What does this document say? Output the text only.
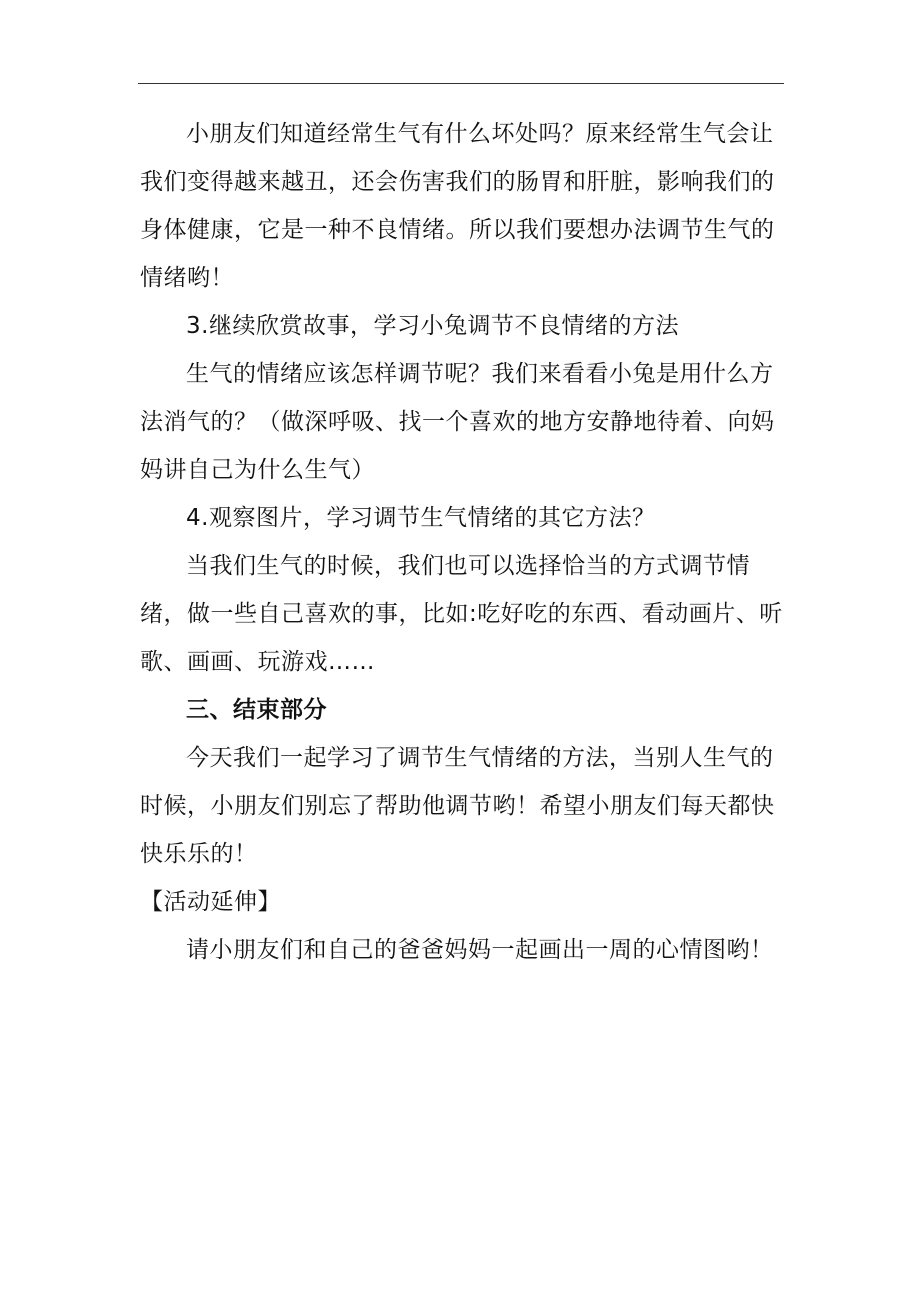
小朋友们知道经常生气有什么坏处吗？原来经常生气会让我们变得越来越丑，还会伤害我们的肠胃和肝脏，影响我们的身体健康，它是一种不良情绪。所以我们要想办法调节生气的情绪哟！

3.继续欣赏故事，学习小兔调节不良情绪的方法

生气的情绪应该怎样调节呢？我们来看看小兔是用什么方法消气的？（做深呼吸、找一个喜欢的地方安静地待着、向妈妈讲自己为什么生气）

4.观察图片，学习调节生气情绪的其它方法？

当我们生气的时候，我们也可以选择恰当的方式调节情绪，做一些自己喜欢的事，比如:吃好吃的东西、看动画片、听歌、画画、玩游戏……

三、结束部分

今天我们一起学习了调节生气情绪的方法，当别人生气的时候，小朋友们别忘了帮助他调节哟！希望小朋友们每天都快快乐乐的！

【活动延伸】

请小朋友们和自己的爸爸妈妈一起画出一周的心情图哟！
